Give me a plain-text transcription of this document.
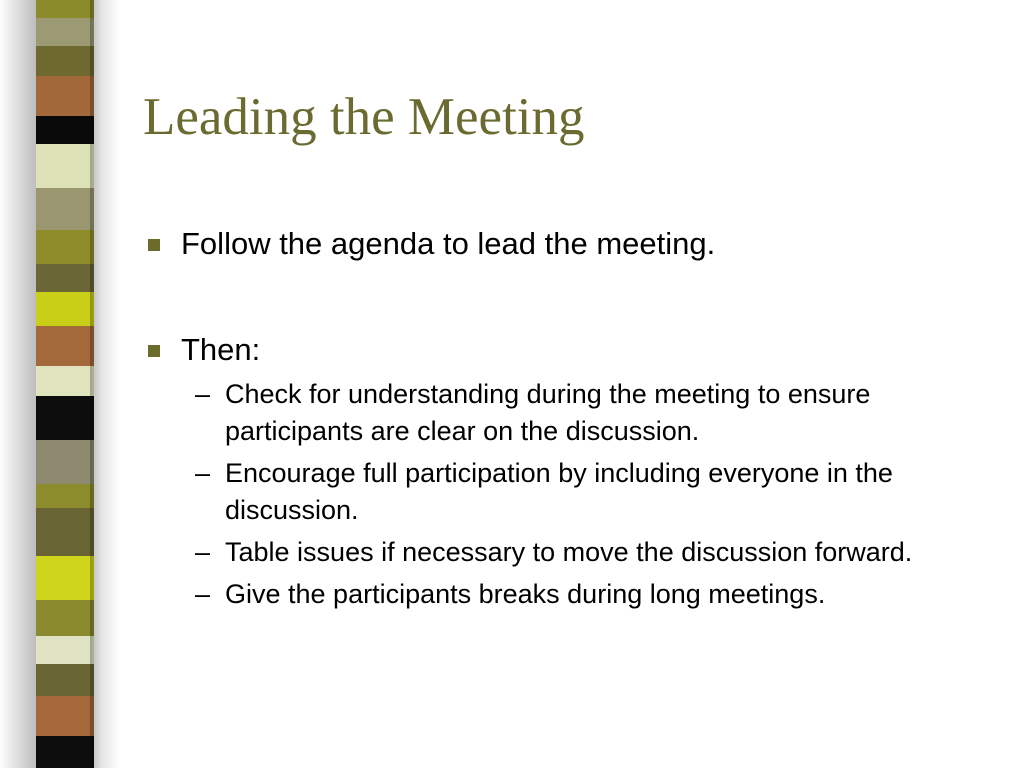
Leading the Meeting
Follow the agenda to lead the meeting.
Then:
– Check for understanding during the meeting to ensure participants are clear on the discussion.
– Encourage full participation by including everyone in the discussion.
– Table issues if necessary to move the discussion forward.
– Give the participants breaks during long meetings.
